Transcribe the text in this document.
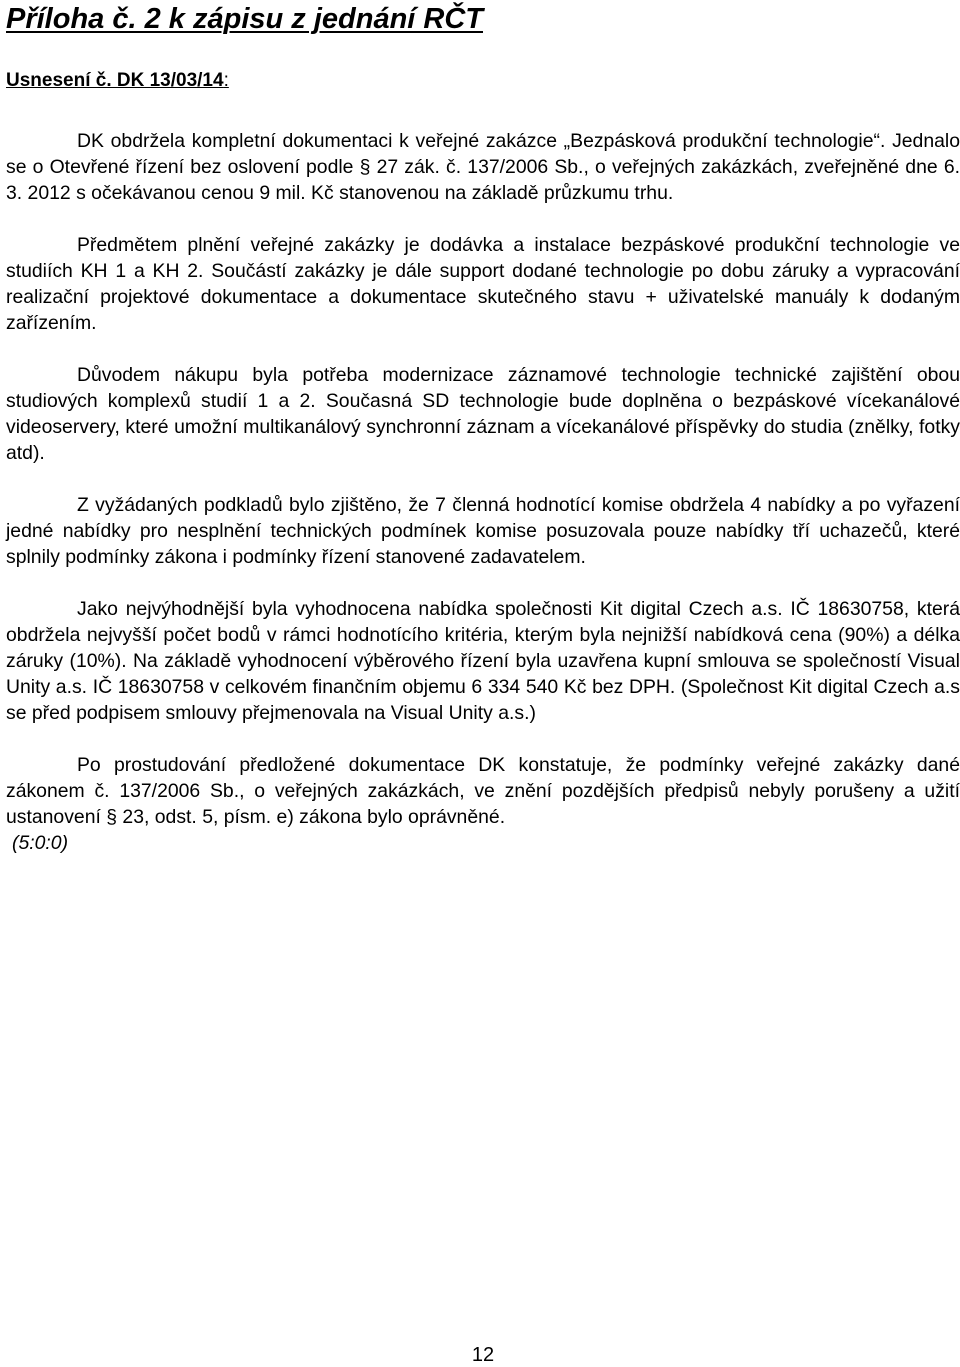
Příloha č. 2 k zápisu z jednání RČT

Usnesení č. DK 13/03/14:

DK obdržela kompletní dokumentaci k veřejné zakázce „Bezpásková produkční technologie“. Jednalo se o Otevřené řízení bez oslovení podle § 27 zák. č. 137/2006 Sb., o veřejných zakázkách, zveřejněné dne 6. 3. 2012 s očekávanou cenou 9 mil. Kč stanovenou na základě průzkumu trhu.

Předmětem plnění veřejné zakázky je dodávka a instalace bezpáskové produkční technologie ve studiích KH 1 a KH 2. Součástí zakázky je dále support dodané technologie po dobu záruky a vypracování realizační projektové dokumentace a dokumentace skutečného stavu + uživatelské manuály k dodaným zařízením.

Důvodem nákupu byla potřeba modernizace záznamové technologie technické zajištění obou studiových komplexů studií 1 a 2. Současná SD technologie bude doplněna o bezpáskové vícekanálové videoservery, které umožní multikanálový synchronní záznam a vícekanálové příspěvky do studia (znělky, fotky atd).

Z vyžádaných podkladů bylo zjištěno, že 7 členná hodnotící komise obdržela 4 nabídky a po vyřazení jedné nabídky pro nesplnění technických podmínek komise posuzovala pouze nabídky tří uchazečů, které splnily podmínky zákona i podmínky řízení stanovené zadavatelem.

Jako nejvýhodnější byla vyhodnocena nabídka společnosti Kit digital Czech a.s. IČ 18630758, která obdržela nejvyšší počet bodů v rámci hodnotícího kritéria, kterým byla nejnižší nabídková cena (90%) a délka záruky (10%). Na základě vyhodnocení výběrového řízení byla uzavřena kupní smlouva se společností Visual Unity a.s. IČ 18630758 v celkovém finančním objemu 6 334 540 Kč bez DPH. (Společnost Kit digital Czech a.s se před podpisem smlouvy přejmenovala na Visual Unity a.s.)

Po prostudování předložené dokumentace DK konstatuje, že podmínky veřejné zakázky dané zákonem č. 137/2006 Sb., o veřejných zakázkách, ve znění pozdějších předpisů nebyly porušeny a užití ustanovení § 23, odst. 5, písm. e) zákona bylo oprávněné.

(5:0:0)

12
